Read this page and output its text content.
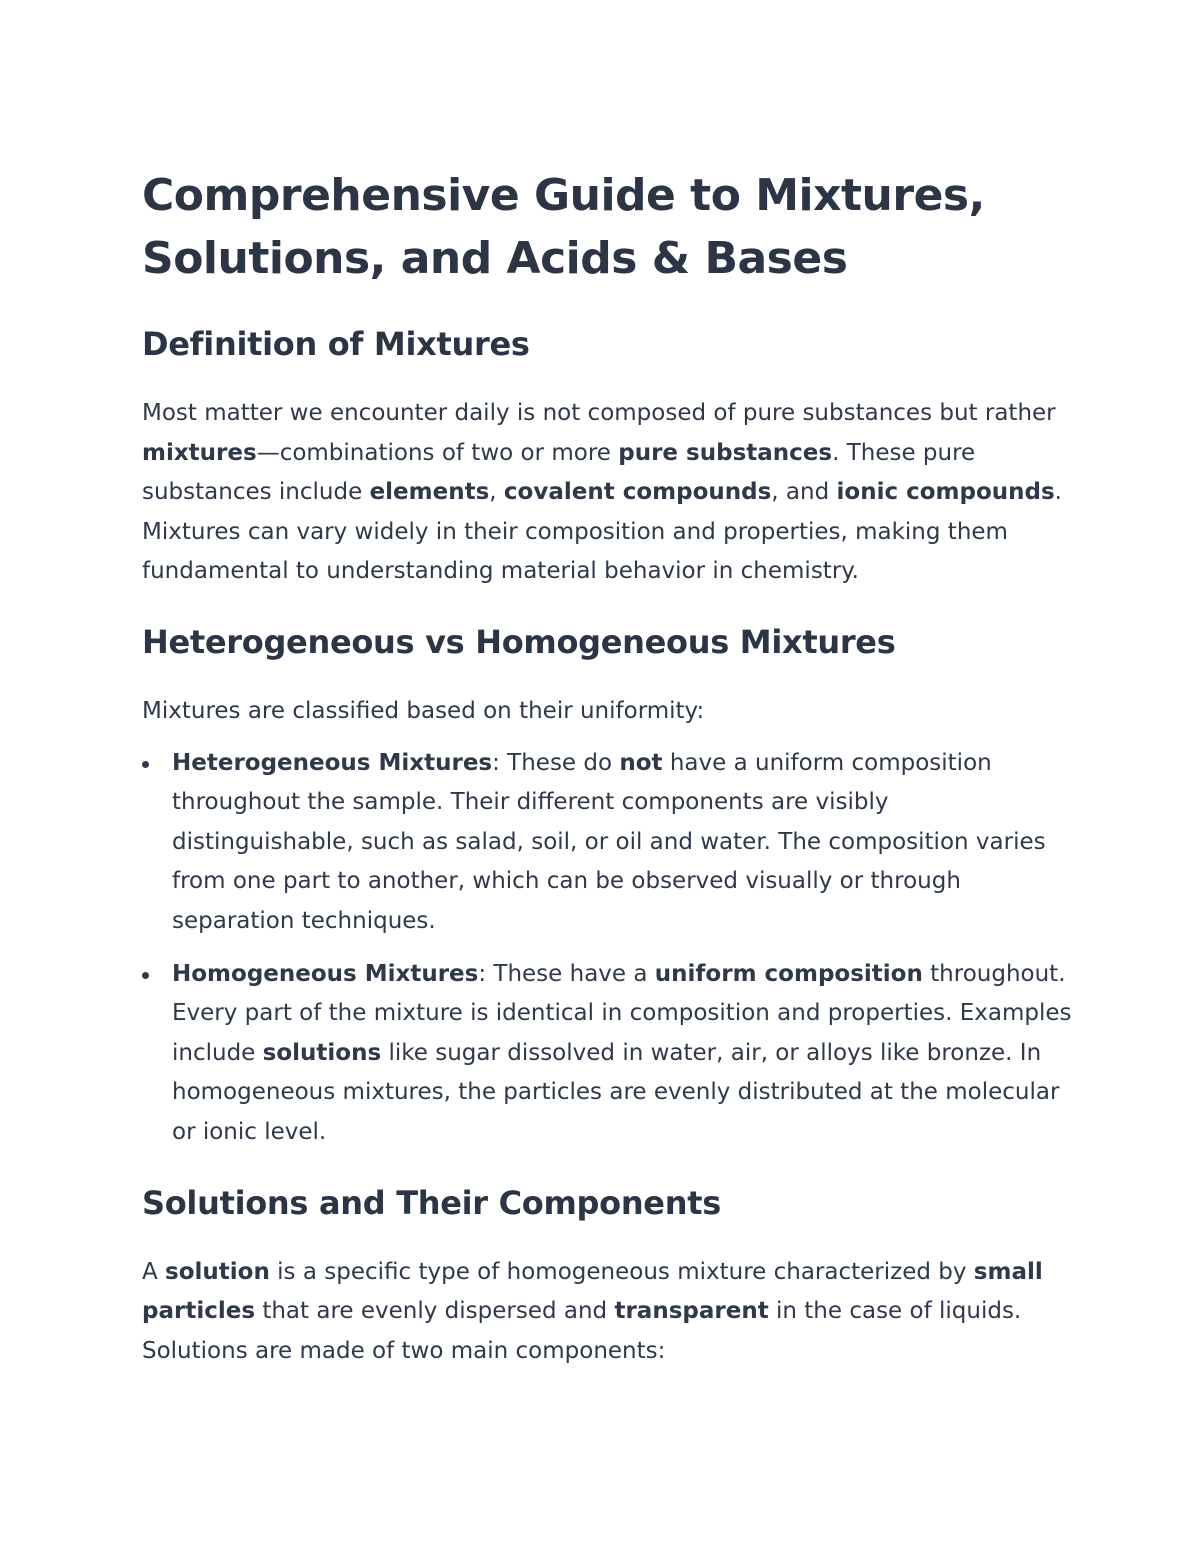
Comprehensive Guide to Mixtures, Solutions, and Acids & Bases
Definition of Mixtures

Most matter we encounter daily is not composed of pure substances but rather mixtures—combinations of two or more pure substances. These pure substances include elements, covalent compounds, and ionic compounds. Mixtures can vary widely in their composition and properties, making them fundamental to understanding material behavior in chemistry.

Heterogeneous vs Homogeneous Mixtures

Mixtures are classified based on their uniformity:

Heterogeneous Mixtures: These do not have a uniform composition throughout the sample. Their different components are visibly distinguishable, such as salad, soil, or oil and water. The composition varies from one part to another, which can be observed visually or through separation techniques.
Homogeneous Mixtures: These have a uniform composition throughout. Every part of the mixture is identical in composition and properties. Examples include solutions like sugar dissolved in water, air, or alloys like bronze. In homogeneous mixtures, the particles are evenly distributed at the molecular or ionic level.
Solutions and Their Components

A solution is a specific type of homogeneous mixture characterized by small particles that are evenly dispersed and transparent in the case of liquids. Solutions are made of two main components:
